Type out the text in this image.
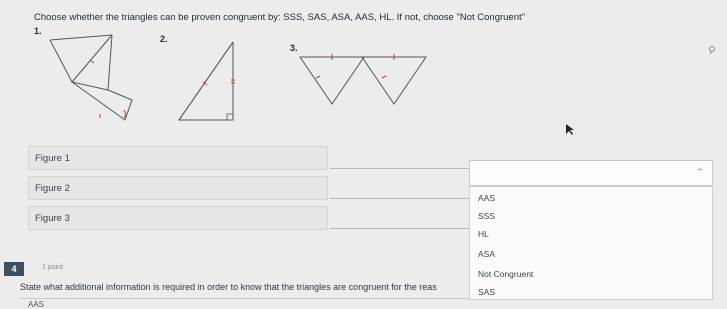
Choose whether the triangles can be proven congruent by: SSS, SAS, ASA, AAS, HL. If not, choose "Not Congruent"
1.
2.
3.
Figure 1
Figure 2
Figure 3
⌃
AAS
SSS
HL
ASA
Not Congruent
SAS
4	1 point
State what additional information is required in order to know that the triangles are congruent for the reas
AAS
